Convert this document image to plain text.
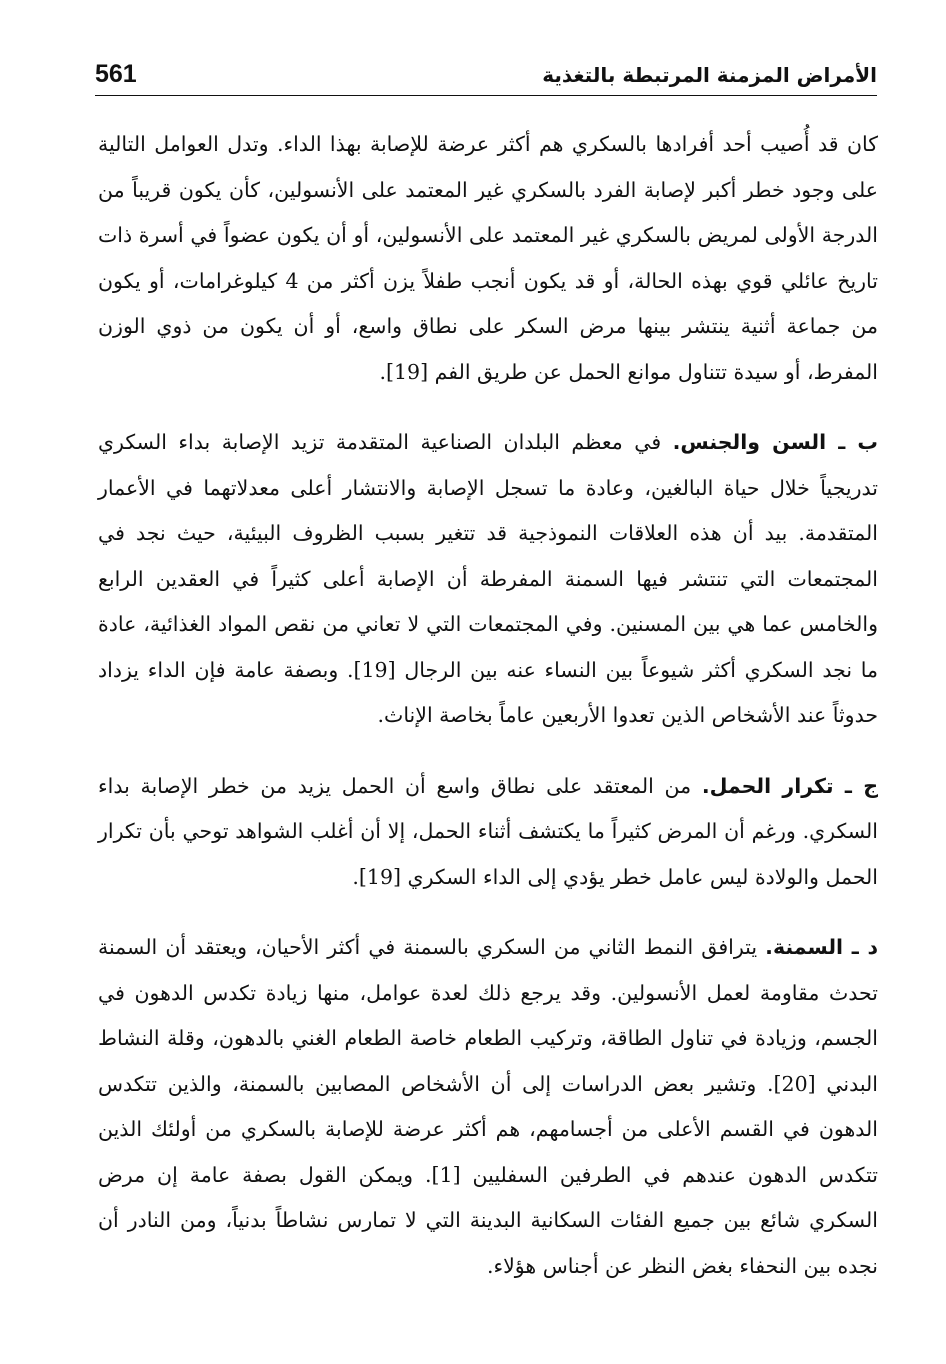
الأمراض المزمنة المرتبطة بالتغذية
561

كان قد أُصيب أحد أفرادها بالسكري هم أكثر عرضة للإصابة بهذا الداء. وتدل العوامل التالية على وجود خطر أكبر لإصابة الفرد بالسكري غير المعتمد على الأنسولين، كأن يكون قريباً من الدرجة الأولى لمريض بالسكري غير المعتمد على الأنسولين، أو أن يكون عضواً في أسرة ذات تاريخ عائلي قوي بهذه الحالة، أو قد يكون أنجب طفلاً يزن أكثر من 4 كيلوغرامات، أو يكون من جماعة أثنية ينتشر بينها مرض السكر على نطاق واسع، أو أن يكون من ذوي الوزن المفرط، أو سيدة تتناول موانع الحمل عن طريق الفم [19].

ب ـ السن والجنس. في معظم البلدان الصناعية المتقدمة تزيد الإصابة بداء السكري تدريجياً خلال حياة البالغين، وعادة ما تسجل الإصابة والانتشار أعلى معدلاتهما في الأعمار المتقدمة. بيد أن هذه العلاقات النموذجية قد تتغير بسبب الظروف البيئية، حيث نجد في المجتمعات التي تنتشر فيها السمنة المفرطة أن الإصابة أعلى كثيراً في العقدين الرابع والخامس عما هي بين المسنين. وفي المجتمعات التي لا تعاني من نقص المواد الغذائية، عادة ما نجد السكري أكثر شيوعاً بين النساء عنه بين الرجال [19]. وبصفة عامة فإن الداء يزداد حدوثاً عند الأشخاص الذين تعدوا الأربعين عاماً بخاصة الإناث.

ج ـ تكرار الحمل. من المعتقد على نطاق واسع أن الحمل يزيد من خطر الإصابة بداء السكري. ورغم أن المرض كثيراً ما يكتشف أثناء الحمل، إلا أن أغلب الشواهد توحي بأن تكرار الحمل والولادة ليس عامل خطر يؤدي إلى الداء السكري [19].

د ـ السمنة. يترافق النمط الثاني من السكري بالسمنة في أكثر الأحيان، ويعتقد أن السمنة تحدث مقاومة لعمل الأنسولين. وقد يرجع ذلك لعدة عوامل، منها زيادة تكدس الدهون في الجسم، وزيادة في تناول الطاقة، وتركيب الطعام خاصة الطعام الغني بالدهون، وقلة النشاط البدني [20]. وتشير بعض الدراسات إلى أن الأشخاص المصابين بالسمنة، والذين تتكدس الدهون في القسم الأعلى من أجسامهم، هم أكثر عرضة للإصابة بالسكري من أولئك الذين تتكدس الدهون عندهم في الطرفين السفليين [1]. ويمكن القول بصفة عامة إن مرض السكري شائع بين جميع الفئات السكانية البدينة التي لا تمارس نشاطاً بدنياً، ومن النادر أن نجده بين النحفاء بغض النظر عن أجناس هؤلاء.
